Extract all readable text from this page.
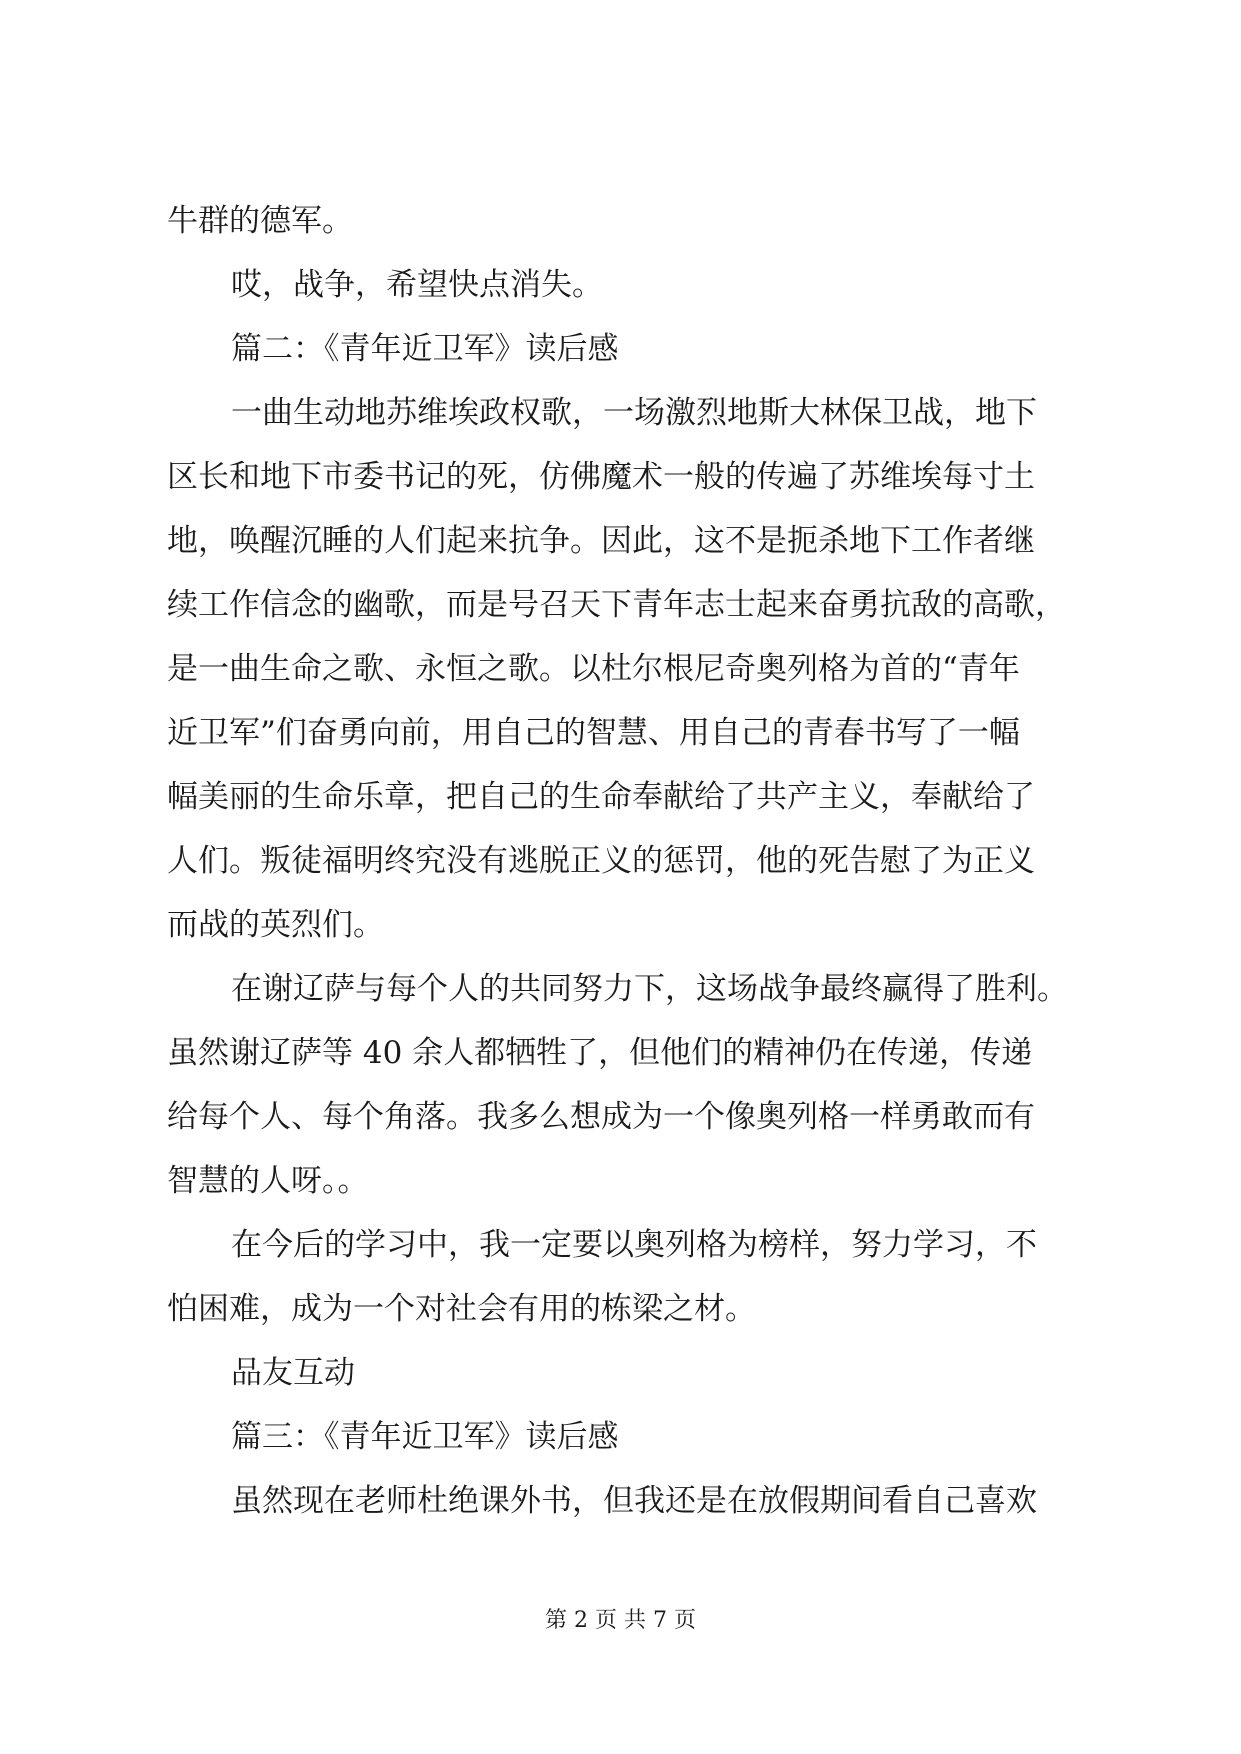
牛群的德军。
哎，战争，希望快点消失。
篇二：《青年近卫军》读后感
一曲生动地苏维埃政权歌，一场激烈地斯大林保卫战，地下
区长和地下市委书记的死，仿佛魔术一般的传遍了苏维埃每寸土
地，唤醒沉睡的人们起来抗争。因此，这不是扼杀地下工作者继
续工作信念的幽歌，而是号召天下青年志士起来奋勇抗敌的高歌，
是一曲生命之歌、永恒之歌。以杜尔根尼奇奥列格为首的“青年
近卫军”们奋勇向前，用自己的智慧、用自己的青春书写了一幅
幅美丽的生命乐章，把自己的生命奉献给了共产主义，奉献给了
人们。叛徒福明终究没有逃脱正义的惩罚，他的死告慰了为正义
而战的英烈们。
在谢辽萨与每个人的共同努力下，这场战争最终赢得了胜利。
虽然谢辽萨等 40 余人都牺牲了，但他们的精神仍在传递，传递
给每个人、每个角落。我多么想成为一个像奥列格一样勇敢而有
智慧的人呀。。
在今后的学习中，我一定要以奥列格为榜样，努力学习，不
怕困难，成为一个对社会有用的栋梁之材。
品友互动
篇三：《青年近卫军》读后感
虽然现在老师杜绝课外书，但我还是在放假期间看自己喜欢
第 2 页 共 7 页
